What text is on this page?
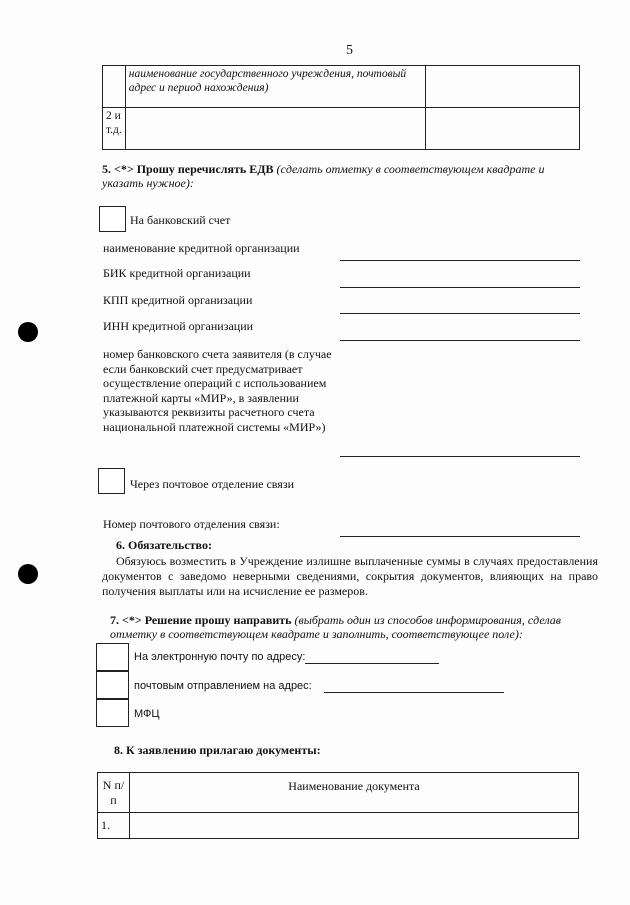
5
	наименование государственного учреждения, почтовый адрес и период нахождения)	
2 и т.д.		
5. <*> Прошу перечислять ЕДВ (сделать отметку в соответствующем квадрате и указать нужное):
На банковский счет
наименование кредитной организации
БИК кредитной организации
КПП кредитной организации
ИНН кредитной организации
номер банковского счета заявителя (в случае если банковский счет предусматривает осуществление операций с использованием платежной карты «МИР», в заявлении указываются реквизиты расчетного счета национальной платежной системы «МИР»)
Через почтовое отделение связи
Номер почтового отделения связи:
6. Обязательство:
Обязуюсь возместить в Учреждение излишне выплаченные суммы в случаях предоставления документов с заведомо неверными сведениями, сокрытия документов, влияющих на право получения выплаты или на исчисление ее размеров.
7. <*> Решение прошу направить (выбрать один из способов информирования, сделав отметку в соответствующем квадрате и заполнить, соответствующее поле):
На электронную почту по адресу:
почтовым отправлением на адрес:
МФЦ
8. К заявлению прилагаю документы:
N п/п	Наименование документа
1.	
